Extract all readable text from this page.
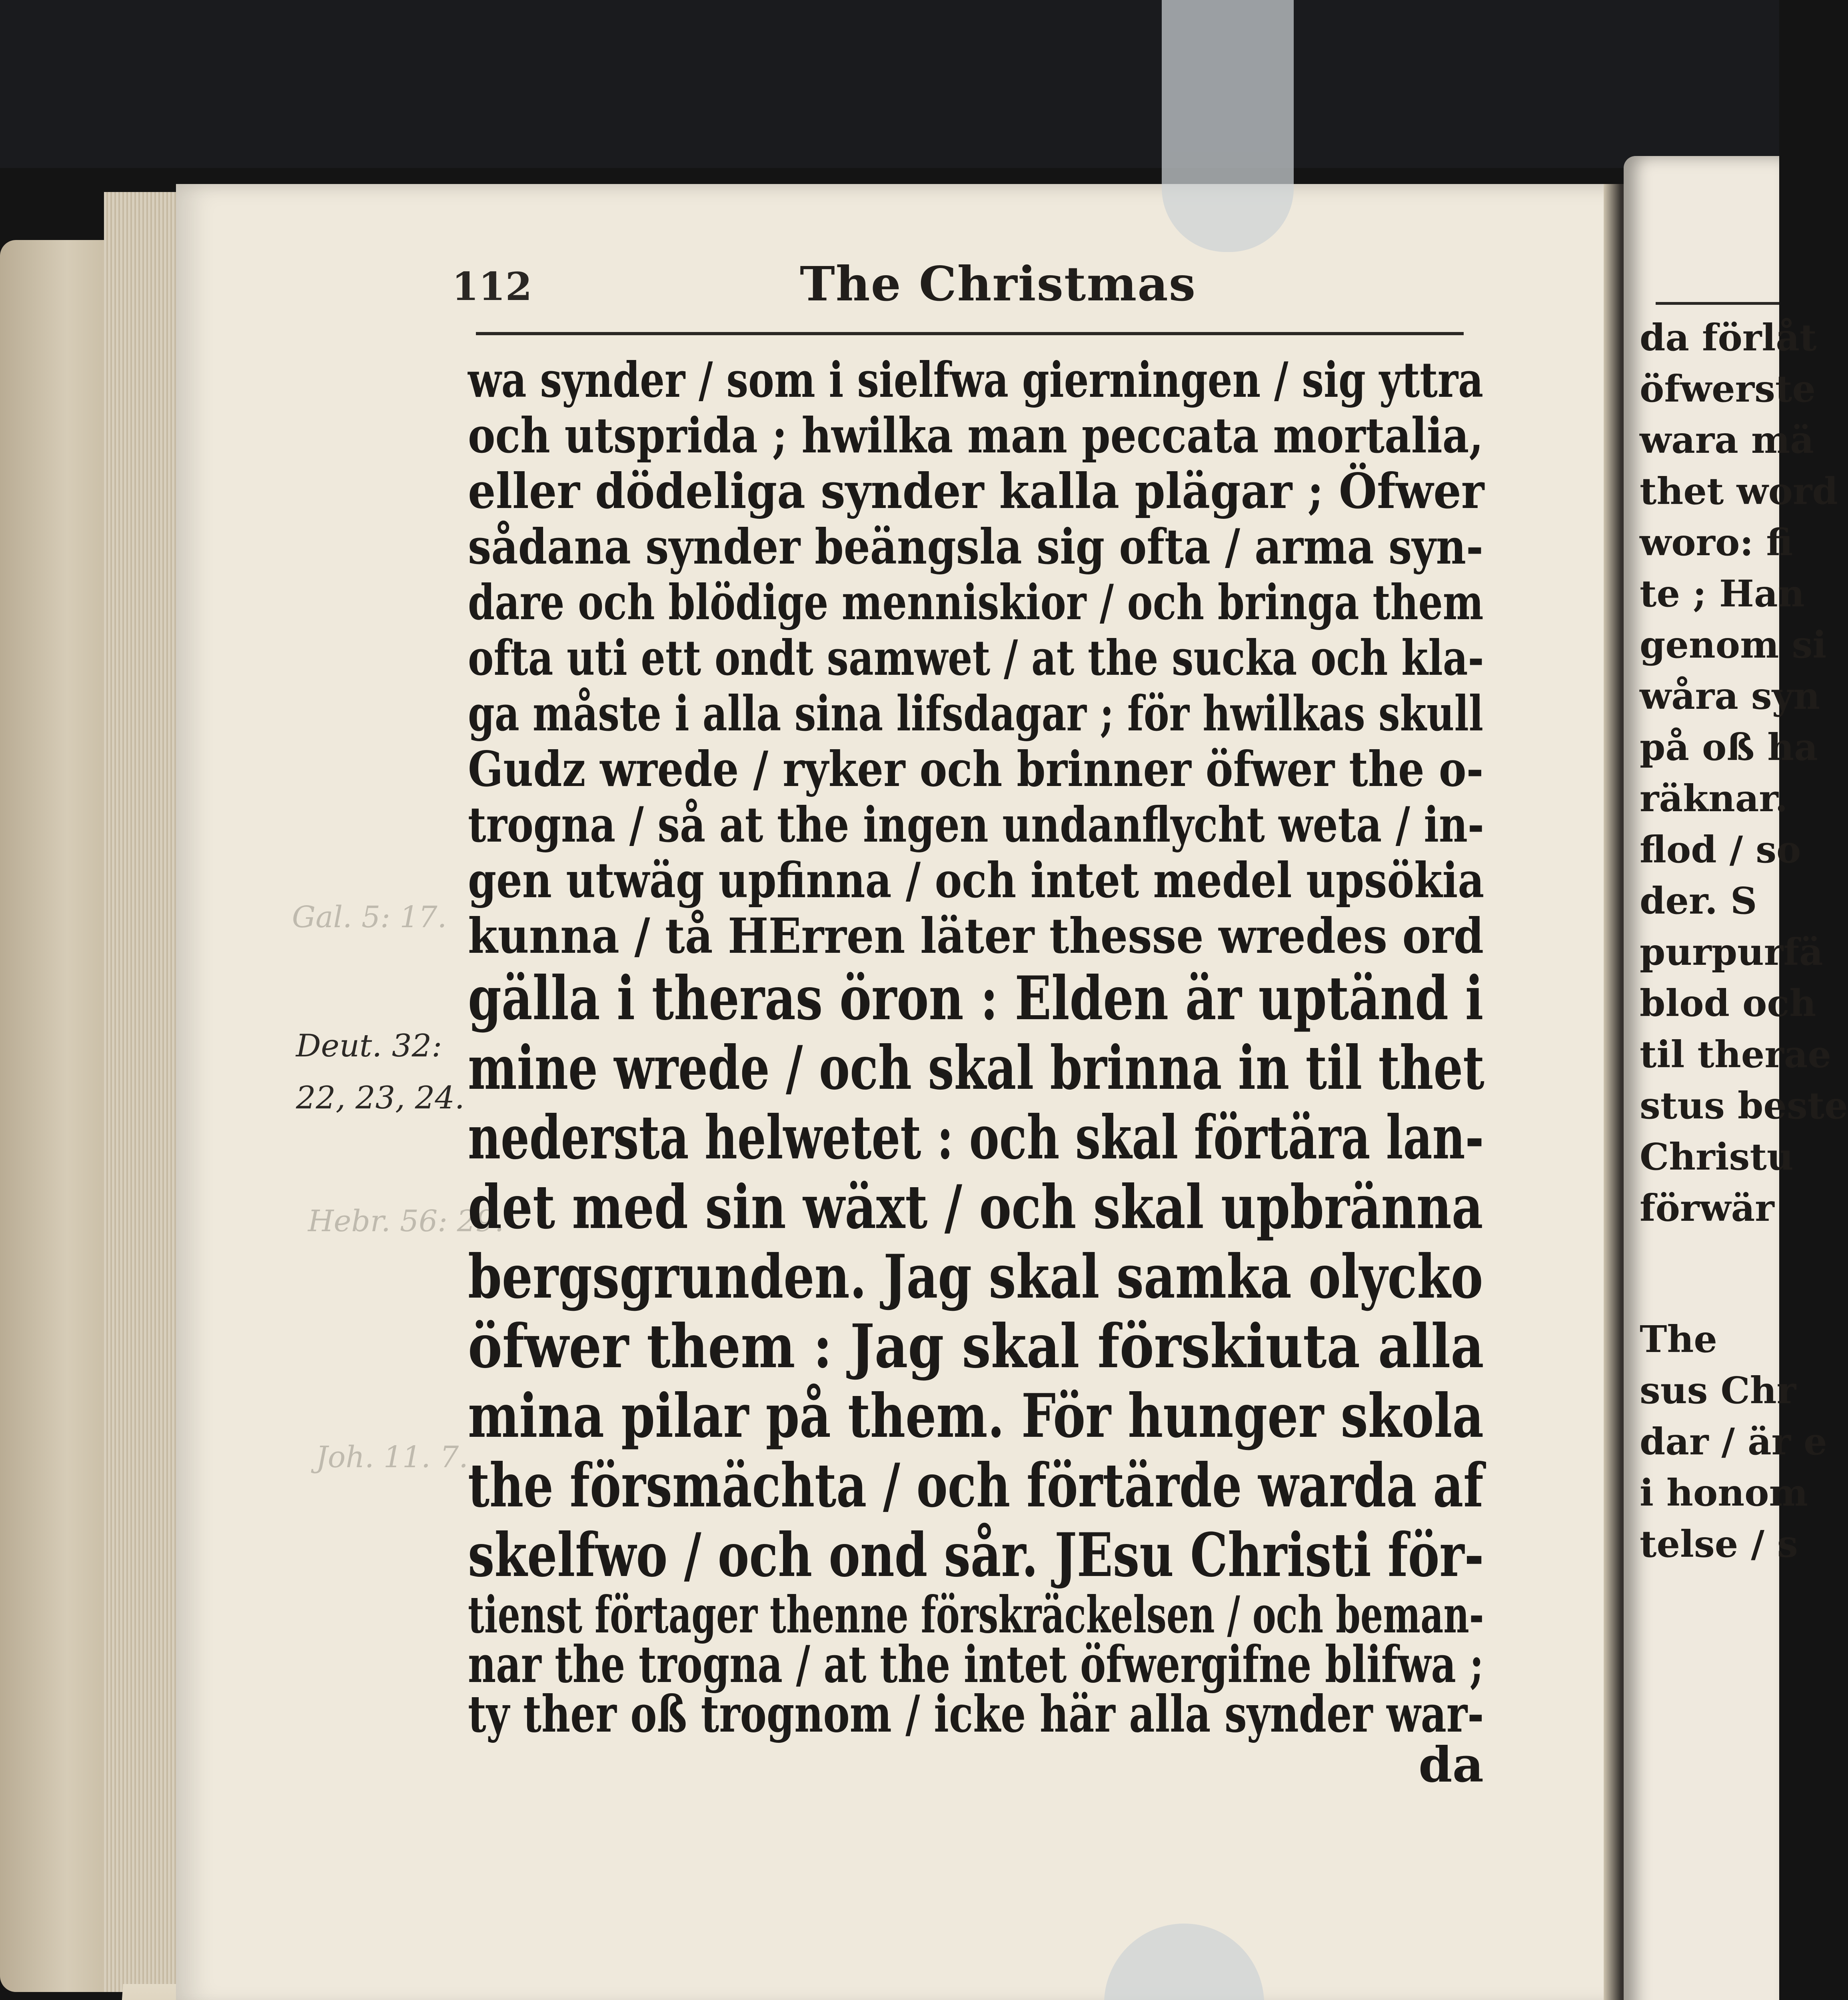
112	The Christmas
Gal. 5: 17.
Hebr. 56: 29.
Joh. 11. 7.
Deut. 32:
22, 23, 24.
wa synder / som i sielfwa gierningen / sig yttra
och utsprida ; hwilka man peccata mortalia,
eller dödeliga synder kalla plägar ; Öfwer
sådana synder beängsla sig ofta / arma syn-
dare och blödige menniskior / och bringa them
ofta uti ett ondt samwet / at the sucka och kla-
ga måste i alla sina lifsdagar ; för hwilkas skull
Gudz wrede / ryker och brinner öfwer the o-
trogna / så at the ingen undanflycht weta / in-
gen utwäg upfinna / och intet medel upsökia
kunna / tå HErren läter thesse wredes ord
gälla i theras öron : Elden är uptänd i
mine wrede / och skal brinna in til thet
nedersta helwetet : och skal förtära lan-
det med sin wäxt / och skal upbränna
bergsgrunden. Jag skal samka olycko
öfwer them : Jag skal förskiuta alla
mina pilar på them. För hunger skola
the försmächta / och förtärde warda af
skelfwo / och ond sår. JEsu Christi för-
tienst förtager thenne förskräckelsen / och beman-
nar the trogna / at the intet öfwergifne blifwa ;
ty ther oß trognom / icke här alla synder war-
da
da förlåt
öfwerste
wara mä
thet word
woro: fi
te ; Han
genom si
wåra syn
på oß ha
räknar.
flod / so
der. S
purpurfä
blod och
til therae
stus beste
Christu
förwär
The
sus Chr
dar / är e
i honom
telse / s
